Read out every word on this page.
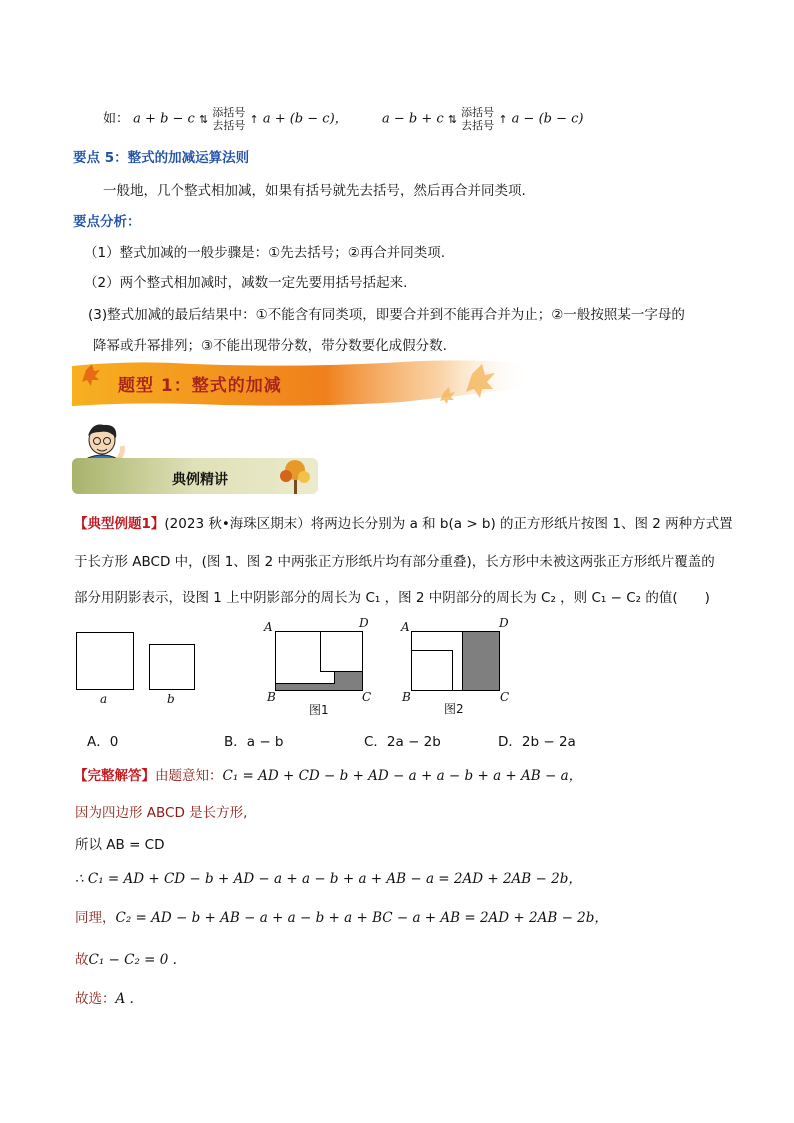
如： a + b − c ⇅ 添括号
去括号 ↑ a + (b − c)，	a − b + c ⇅ 添括号
去括号 ↑ a − (b − c)
要点 5：整式的加减运算法则
一般地，几个整式相加减，如果有括号就先去括号，然后再合并同类项.
要点分析：
（1）整式加减的一般步骤是：①先去括号；②再合并同类项.
（2）两个整式相加减时，减数一定先要用括号括起来.
(3)整式加减的最后结果中：①不能含有同类项，即要合并到不能再合并为止；②一般按照某一字母的
降幂或升幂排列；③不能出现带分数，带分数要化成假分数.
题型 1：整式的加减
典例精讲
【典型例题1】(2023 秋•海珠区期末）将两边长分别为 a 和 b(a > b) 的正方形纸片按图 1、图 2 两种方式置
于长方形 ABCD 中，(图 1、图 2 中两张正方形纸片均有部分重叠)，长方形中未被这两张正方形纸片覆盖的
部分用阴影表示，设图 1 上中阴影部分的周长为 C₁ ，图 2 中阴部分的周长为 C₂ ，则 C₁ − C₂ 的值(　　)
a	b
A	D
B	C
图1
A	D
B	C
图2
A．0	B．a − b	C．2a − 2b	D．2b − 2a
【完整解答】由题意知：C₁ = AD + CD − b + AD − a + a − b + a + AB − a，
因为四边形 ABCD 是长方形,
所以 AB = CD
∴ C₁ = AD + CD − b + AD − a + a − b + a + AB − a = 2AD + 2AB − 2b，
同理，C₂ = AD − b + AB − a + a − b + a + BC − a + AB = 2AD + 2AB − 2b，
故C₁ − C₂ = 0 .
故选：A .
